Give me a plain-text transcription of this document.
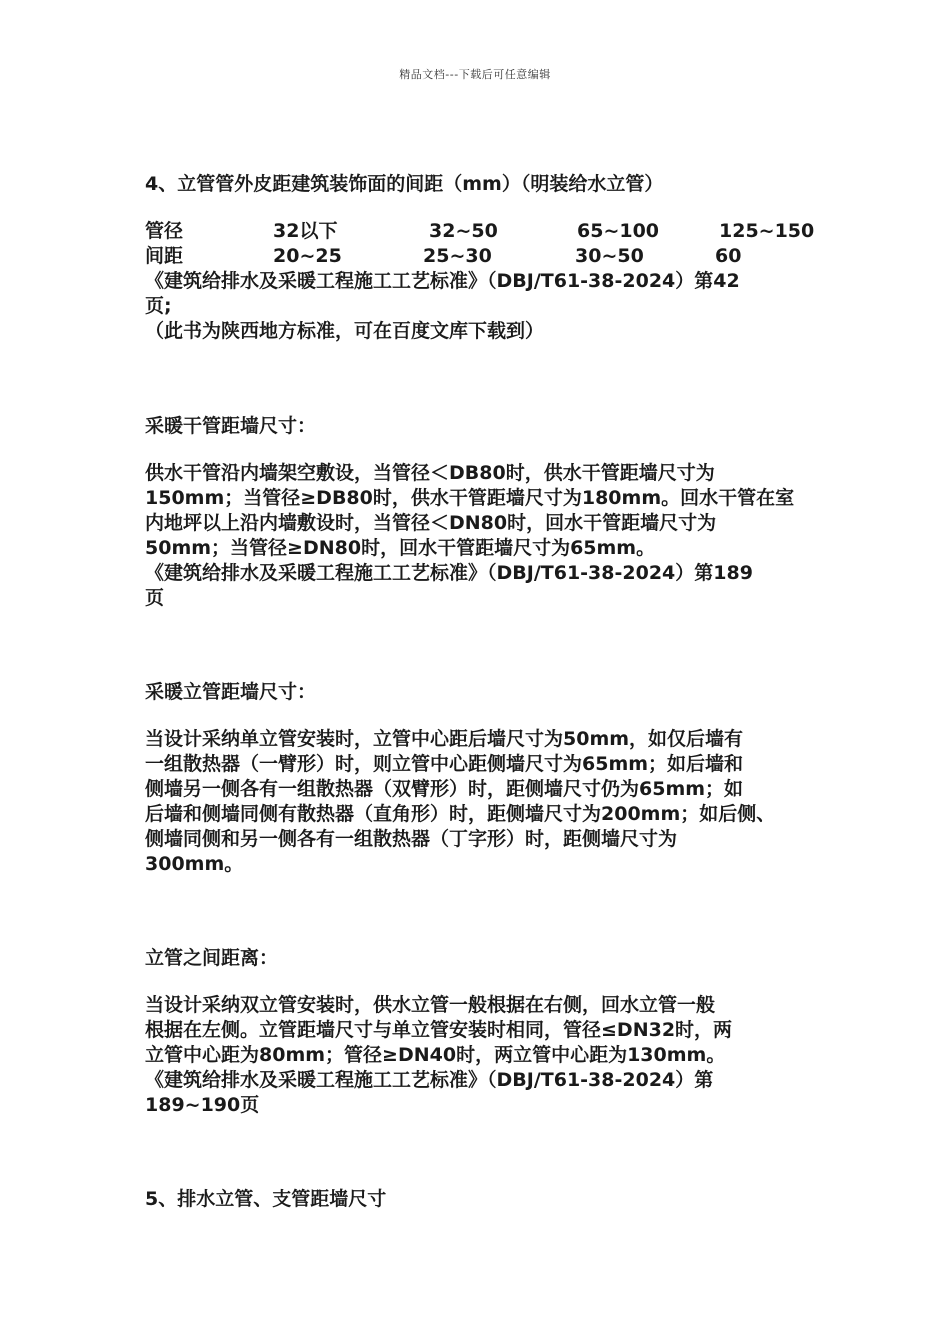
精品文档---下载后可任意编辑
4、立管管外皮距建筑装饰面的间距（mm）（明装给水立管）
管径	32以下	32~50	65~100	125~150
间距	20~25	25~30	30~50	60
《建筑给排水及采暖工程施工工艺标准》（DBJ/T61-38-2024）第42
页;
（此书为陕西地方标准，可在百度文库下载到）
采暖干管距墙尺寸：
供水干管沿内墙架空敷设，当管径＜DB80时，供水干管距墙尺寸为
150mm；当管径≥DB80时，供水干管距墙尺寸为180mm。回水干管在室
内地坪以上沿内墙敷设时，当管径＜DN80时，回水干管距墙尺寸为
50mm；当管径≥DN80时，回水干管距墙尺寸为65mm。
《建筑给排水及采暖工程施工工艺标准》（DBJ/T61-38-2024）第189
页
采暖立管距墙尺寸：
当设计采纳单立管安装时，立管中心距后墙尺寸为50mm，如仅后墙有
一组散热器（一臂形）时，则立管中心距侧墙尺寸为65mm；如后墙和
侧墙另一侧各有一组散热器（双臂形）时，距侧墙尺寸仍为65mm；如
后墙和侧墙同侧有散热器（直角形）时，距侧墙尺寸为200mm；如后侧、
侧墙同侧和另一侧各有一组散热器（丁字形）时，距侧墙尺寸为
300mm。
立管之间距离：
当设计采纳双立管安装时，供水立管一般根据在右侧，回水立管一般
根据在左侧。立管距墙尺寸与单立管安装时相同，管径≤DN32时，两
立管中心距为80mm；管径≥DN40时，两立管中心距为130mm。
《建筑给排水及采暖工程施工工艺标准》（DBJ/T61-38-2024）第
189~190页
5、排水立管、支管距墙尺寸
